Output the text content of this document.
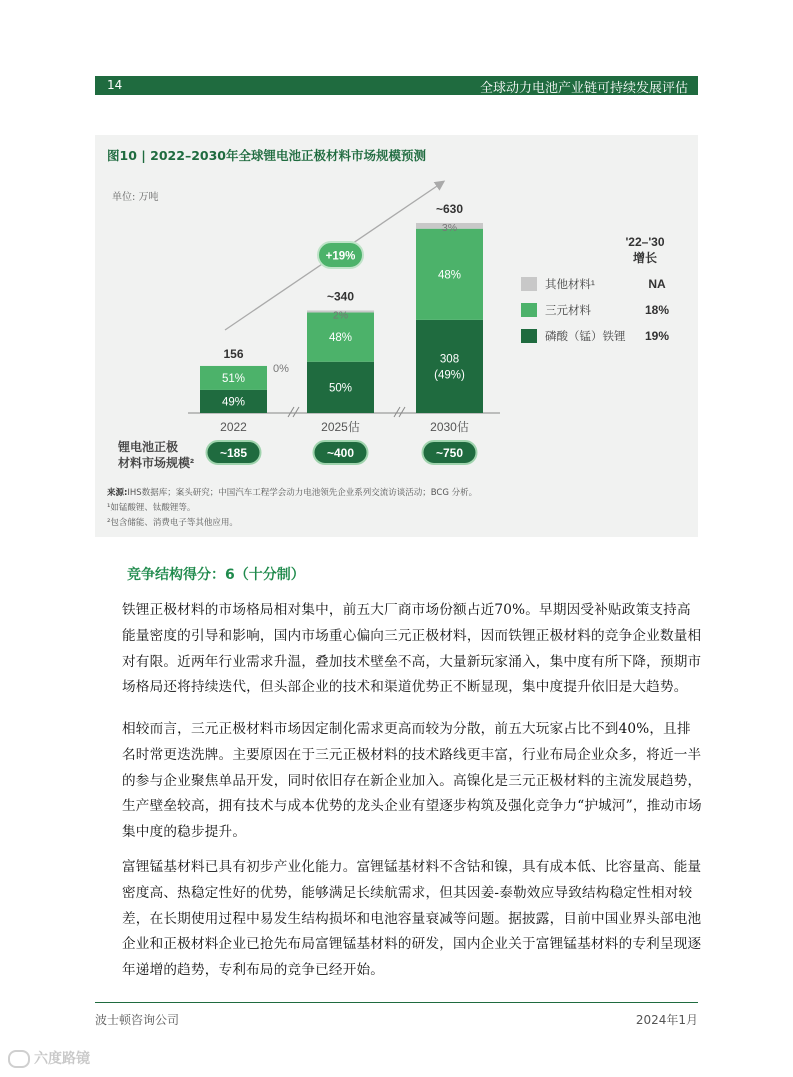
14	全球动力电池产业链可持续发展评估
图10 | 2022–2030年全球锂电池正极材料市场规模预测
单位: 万吨
+19%
49%
51%
0%
156
2022
~185
50%
48%
2%
~340
2025估
~400
308
(49%)
48%
3%
~630
2030估
~750
'22–'30
增长
其他材料¹	NA
三元材料	18%
磷酸（锰）铁锂 19%
锂电池正极
材料市场规模²
来源:IHS数据库；案头研究；中国汽车工程学会动力电池领先企业系列交流访谈活动；BCG 分析。
¹如锰酸锂、钛酸锂等。
²包含储能、消费电子等其他应用。
竞争结构得分：6（十分制）
铁锂正极材料的市场格局相对集中，前五大厂商市场份额占近70%。早期因受补贴政策支持高能量密度的引导和影响，国内市场重心偏向三元正极材料，因而铁锂正极材料的竞争企业数量相对有限。近两年行业需求升温，叠加技术壁垒不高，大量新玩家涌入，集中度有所下降，预期市场格局还将持续迭代，但头部企业的技术和渠道优势正不断显现，集中度提升依旧是大趋势。
相较而言，三元正极材料市场因定制化需求更高而较为分散，前五大玩家占比不到40%，且排名时常更迭洗牌。主要原因在于三元正极材料的技术路线更丰富，行业布局企业众多，将近一半的参与企业聚焦单品开发，同时依旧存在新企业加入。高镍化是三元正极材料的主流发展趋势，生产壁垒较高，拥有技术与成本优势的龙头企业有望逐步构筑及强化竞争力“护城河”，推动市场集中度的稳步提升。
富锂锰基材料已具有初步产业化能力。富锂锰基材料不含钴和镍，具有成本低、比容量高、能量密度高、热稳定性好的优势，能够满足长续航需求，但其因姜-泰勒效应导致结构稳定性相对较差，在长期使用过程中易发生结构损坏和电池容量衰减等问题。据披露，目前中国业界头部电池企业和正极材料企业已抢先布局富锂锰基材料的研发，国内企业关于富锂锰基材料的专利呈现逐年递增的趋势，专利布局的竞争已经开始。
波士顿咨询公司	2024年1月
六度路镜
